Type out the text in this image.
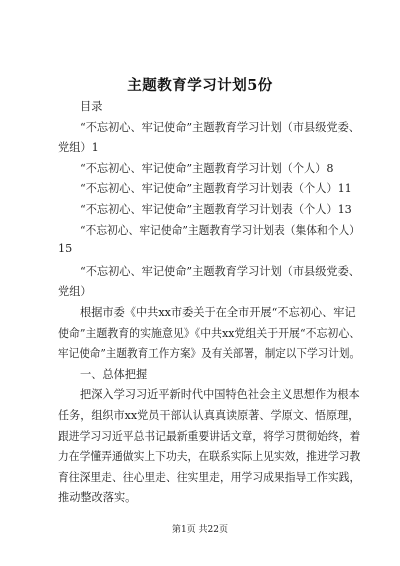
主题教育学习计划5份
目录
“不忘初心、牢记使命”主题教育学习计划（市县级党委、
党组）1
“不忘初心、牢记使命”主题教育学习计划（个人）8
“不忘初心、牢记使命”主题教育学习计划表（个人）11
“不忘初心、牢记使命”主题教育学习计划表（个人）13
“不忘初心、牢记使命”主题教育学习计划表（集体和个人）
15
“不忘初心、牢记使命”主题教育学习计划（市县级党委、
党组）
根据市委《中共xx市委关于在全市开展“不忘初心、牢记
使命”主题教育的实施意见》《中共xx党组关于开展“不忘初心、
牢记使命”主题教育工作方案》及有关部署，制定以下学习计划。
一、总体把握
把深入学习习近平新时代中国特色社会主义思想作为根本
任务，组织市xx党员干部认认真真读原著、学原文、悟原理，
跟进学习习近平总书记最新重要讲话文章，将学习贯彻始终，着
力在学懂弄通做实上下功夫，在联系实际上见实效，推进学习教
育往深里走、往心里走、往实里走，用学习成果指导工作实践，
推动整改落实。
第1页 共22页
